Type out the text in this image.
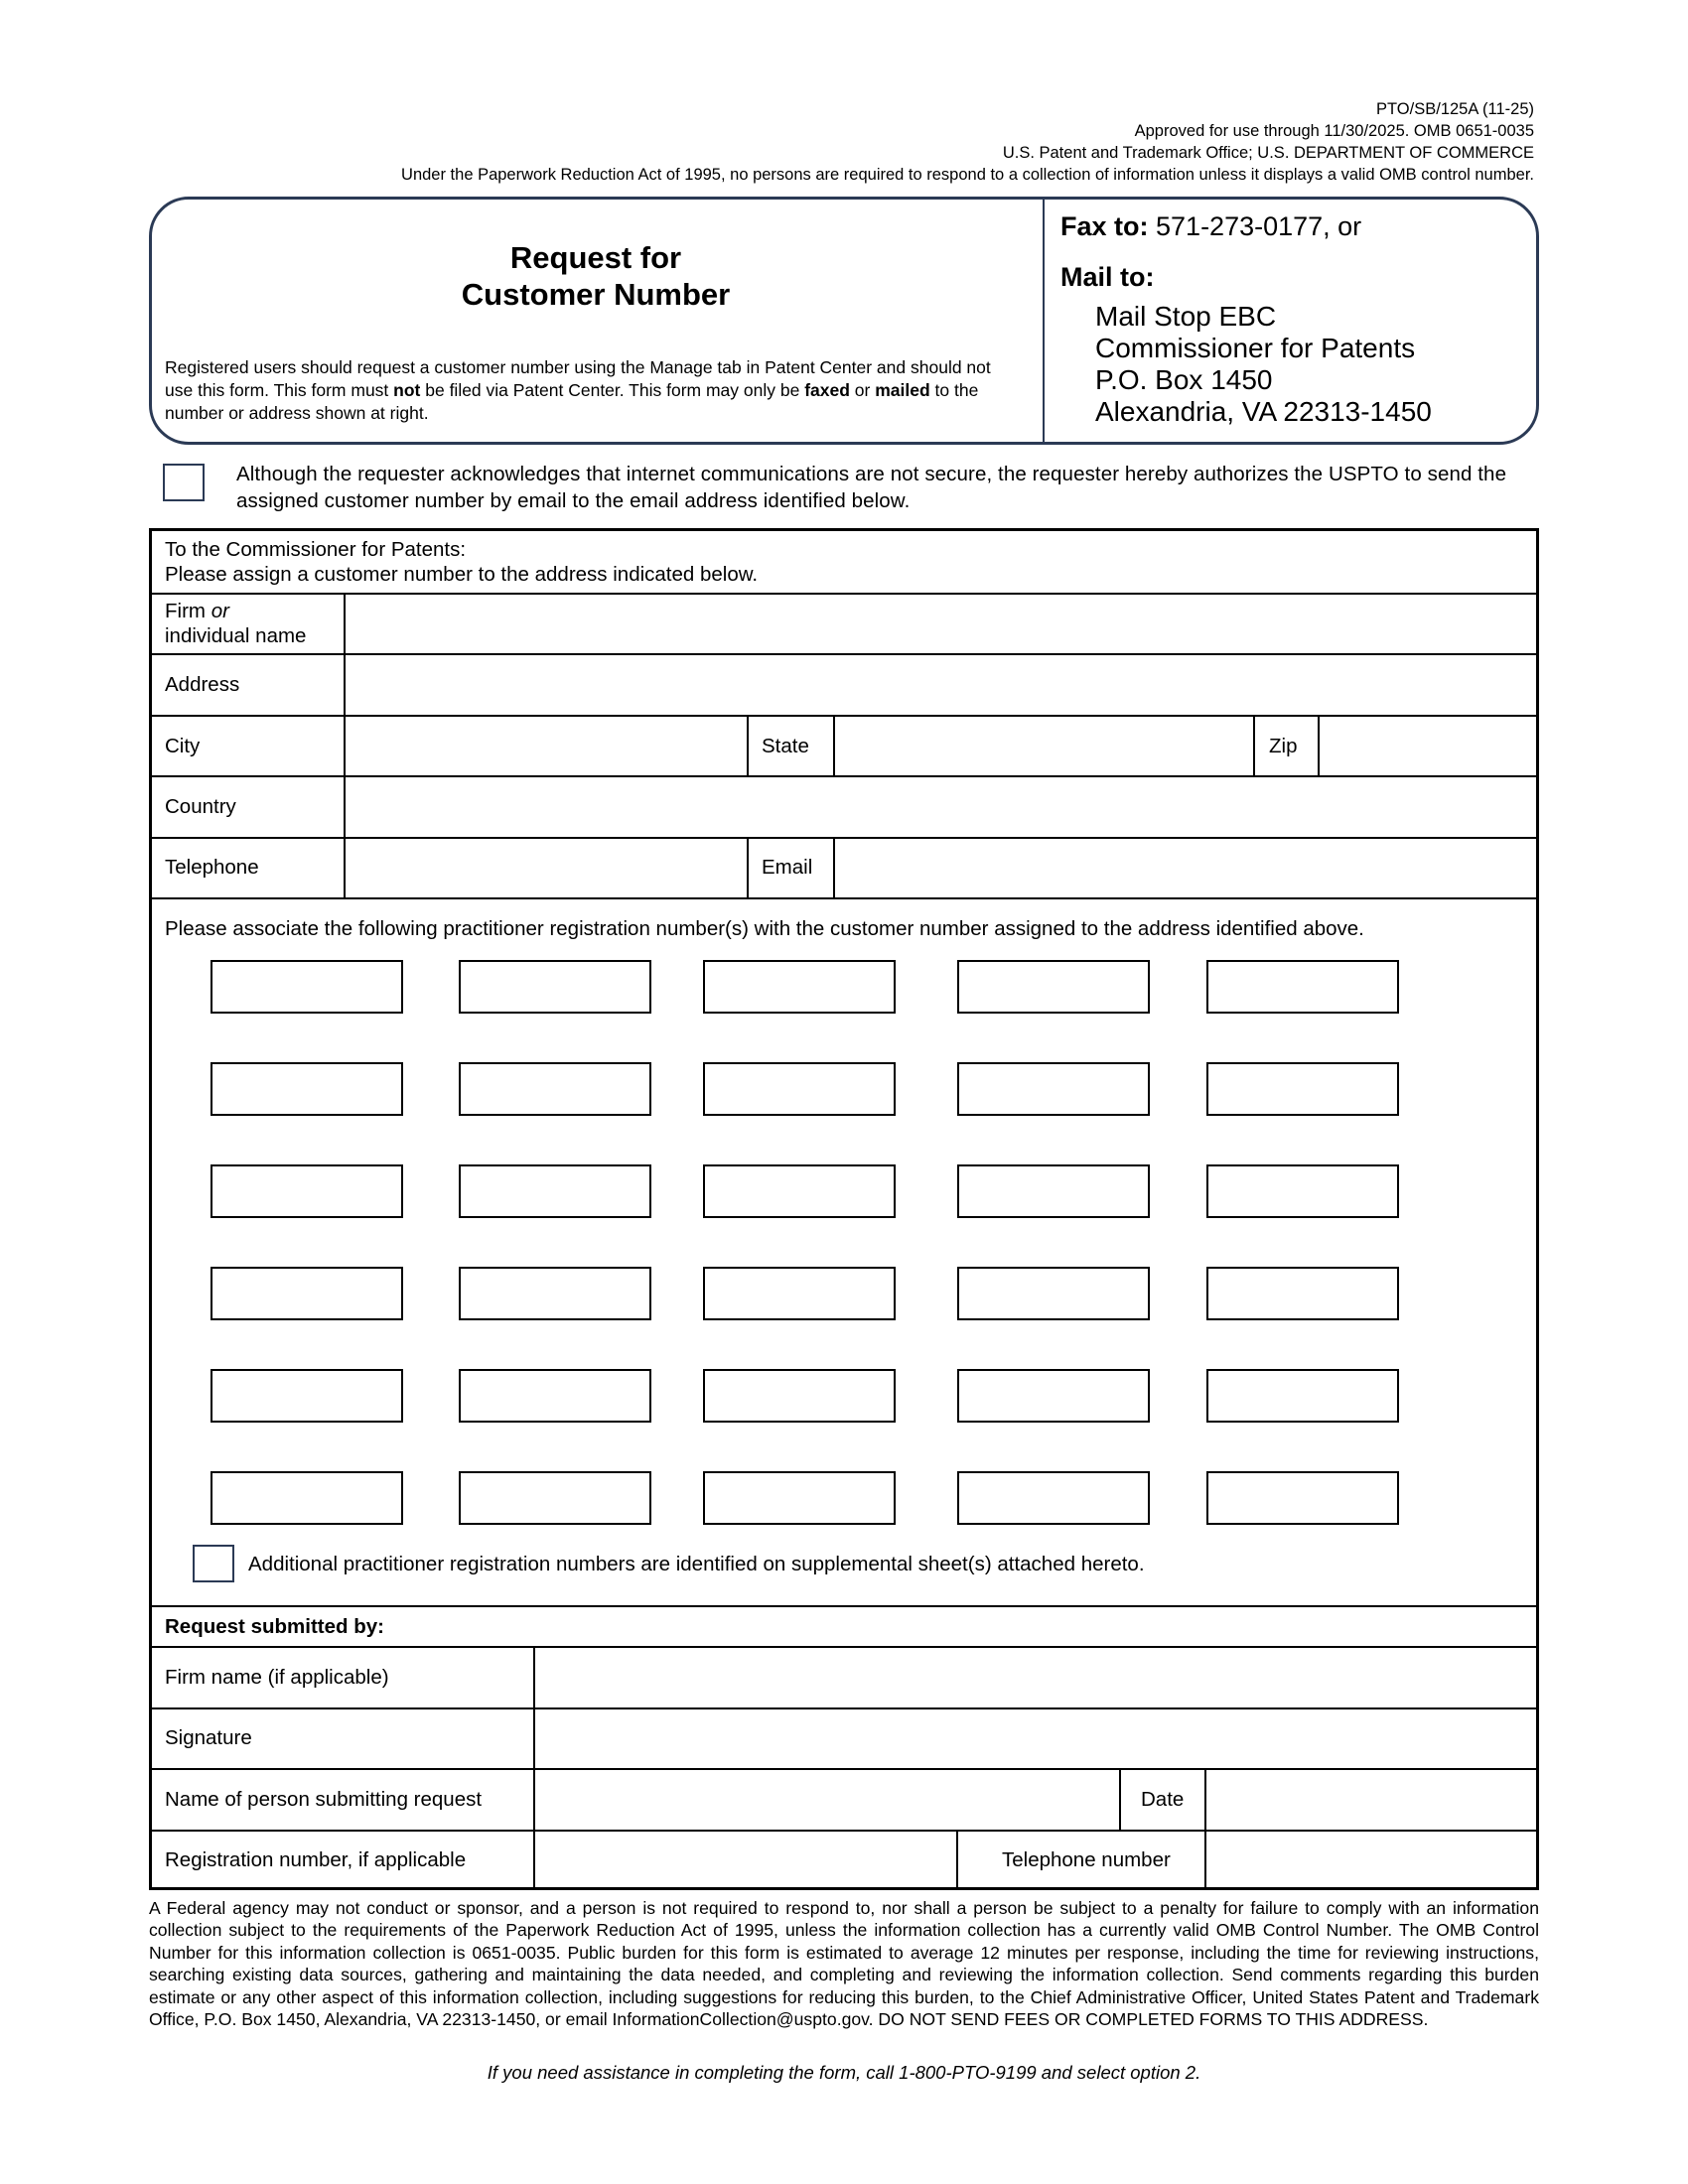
PTO/SB/125A (11-25)
Approved for use through 11/30/2025. OMB 0651-0035
U.S. Patent and Trademark Office; U.S. DEPARTMENT OF COMMERCE
Under the Paperwork Reduction Act of 1995, no persons are required to respond to a collection of information unless it displays a valid OMB control number.
Request for
Customer Number
Registered users should request a customer number using the Manage tab in Patent Center and should not use this form. This form must not be filed via Patent Center. This form may only be faxed or mailed to the number or address shown at right.
Fax to: 571-273-0177, or
Mail to:
Mail Stop EBC
Commissioner for Patents
P.O. Box 1450
Alexandria, VA 22313-1450
Although the requester acknowledges that internet communications are not secure, the requester hereby authorizes the USPTO to send the assigned customer number by email to the email address identified below.
To the Commissioner for Patents:
Please assign a customer number to the address indicated below.
Firm or
individual name
Address
City	State	Zip
Country
Telephone	Email
Please associate the following practitioner registration number(s) with the customer number assigned to the address identified above.
Additional practitioner registration numbers are identified on supplemental sheet(s) attached hereto.
Request submitted by:
Firm name (if applicable)
Signature
Name of person submitting request	Date
Registration number, if applicable	Telephone number
A Federal agency may not conduct or sponsor, and a person is not required to respond to, nor shall a person be subject to a penalty for failure to comply with an information collection subject to the requirements of the Paperwork Reduction Act of 1995, unless the information collection has a currently valid OMB Control Number. The OMB Control Number for this information collection is 0651-0035. Public burden for this form is estimated to average 12 minutes per response, including the time for reviewing instructions, searching existing data sources, gathering and maintaining the data needed, and completing and reviewing the information collection. Send comments regarding this burden estimate or any other aspect of this information collection, including suggestions for reducing this burden, to the Chief Administrative Officer, United States Patent and Trademark Office, P.O. Box 1450, Alexandria, VA 22313-1450, or email InformationCollection@uspto.gov. DO NOT SEND FEES OR COMPLETED FORMS TO THIS ADDRESS.
If you need assistance in completing the form, call 1-800-PTO-9199 and select option 2.
